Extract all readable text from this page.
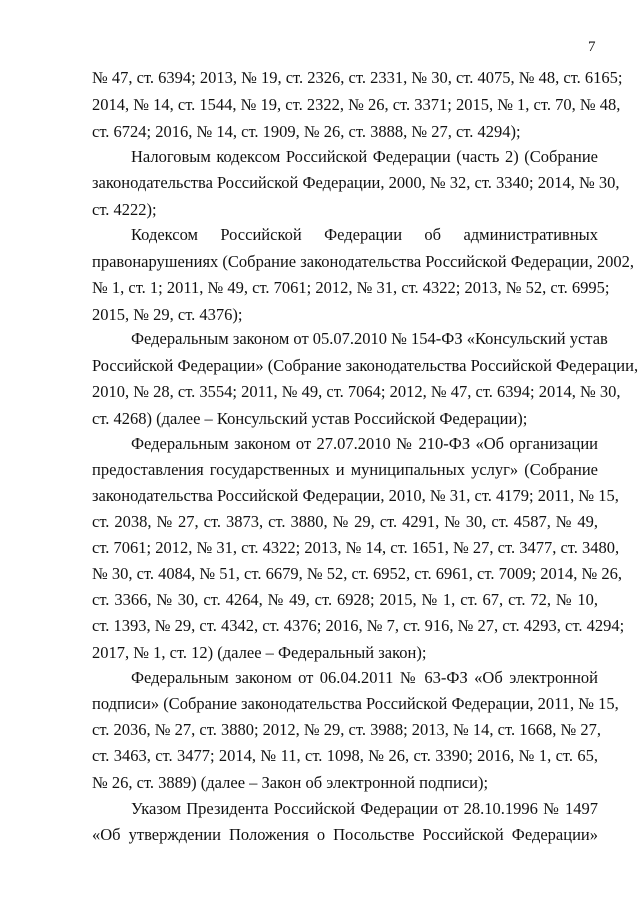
7
№ 47, ст. 6394; 2013, № 19, ст. 2326, ст. 2331, № 30, ст. 4075, № 48, ст. 6165;
2014, № 14, ст. 1544, № 19, ст. 2322, № 26, ст. 3371; 2015, № 1, ст. 70, № 48,
ст. 6724; 2016, № 14, ст. 1909, № 26, ст. 3888, № 27, ст. 4294);
Налоговым кодексом Российской Федерации (часть 2) (Собрание
законодательства Российской Федерации, 2000, № 32, ст. 3340; 2014, № 30,
ст. 4222);
Кодексом Российской Федерации об административных
правонарушениях (Собрание законодательства Российской Федерации, 2002,
№ 1, ст. 1; 2011, № 49, ст. 7061; 2012, № 31, ст. 4322; 2013, № 52, ст. 6995;
2015, № 29, ст. 4376);
Федеральным законом от 05.07.2010 № 154-ФЗ «Консульский устав
Российской Федерации» (Собрание законодательства Российской Федерации,
2010, № 28, ст. 3554; 2011, № 49, ст. 7064; 2012, № 47, ст. 6394; 2014, № 30,
ст. 4268) (далее – Консульский устав Российской Федерации);
Федеральным законом от 27.07.2010 № 210-ФЗ «Об организации
предоставления государственных и муниципальных услуг» (Собрание
законодательства Российской Федерации, 2010, № 31, ст. 4179; 2011, № 15,
ст. 2038, № 27, ст. 3873, ст. 3880, № 29, ст. 4291, № 30, ст. 4587, № 49,
ст. 7061; 2012, № 31, ст. 4322; 2013, № 14, ст. 1651, № 27, ст. 3477, ст. 3480,
№ 30, ст. 4084, № 51, ст. 6679, № 52, ст. 6952, ст. 6961, ст. 7009; 2014, № 26,
ст. 3366, № 30, ст. 4264, № 49, ст. 6928; 2015, № 1, ст. 67, ст. 72, № 10,
ст. 1393, № 29, ст. 4342, ст. 4376; 2016, № 7, ст. 916, № 27, ст. 4293, ст. 4294;
2017, № 1, ст. 12) (далее – Федеральный закон);
Федеральным законом от 06.04.2011 № 63-ФЗ «Об электронной
подписи» (Собрание законодательства Российской Федерации, 2011, № 15,
ст. 2036, № 27, ст. 3880; 2012, № 29, ст. 3988; 2013, № 14, ст. 1668, № 27,
ст. 3463, ст. 3477; 2014, № 11, ст. 1098, № 26, ст. 3390; 2016, № 1, ст. 65,
№ 26, ст. 3889) (далее – Закон об электронной подписи);
Указом Президента Российской Федерации от 28.10.1996 № 1497
«Об утверждении Положения о Посольстве Российской Федерации»
